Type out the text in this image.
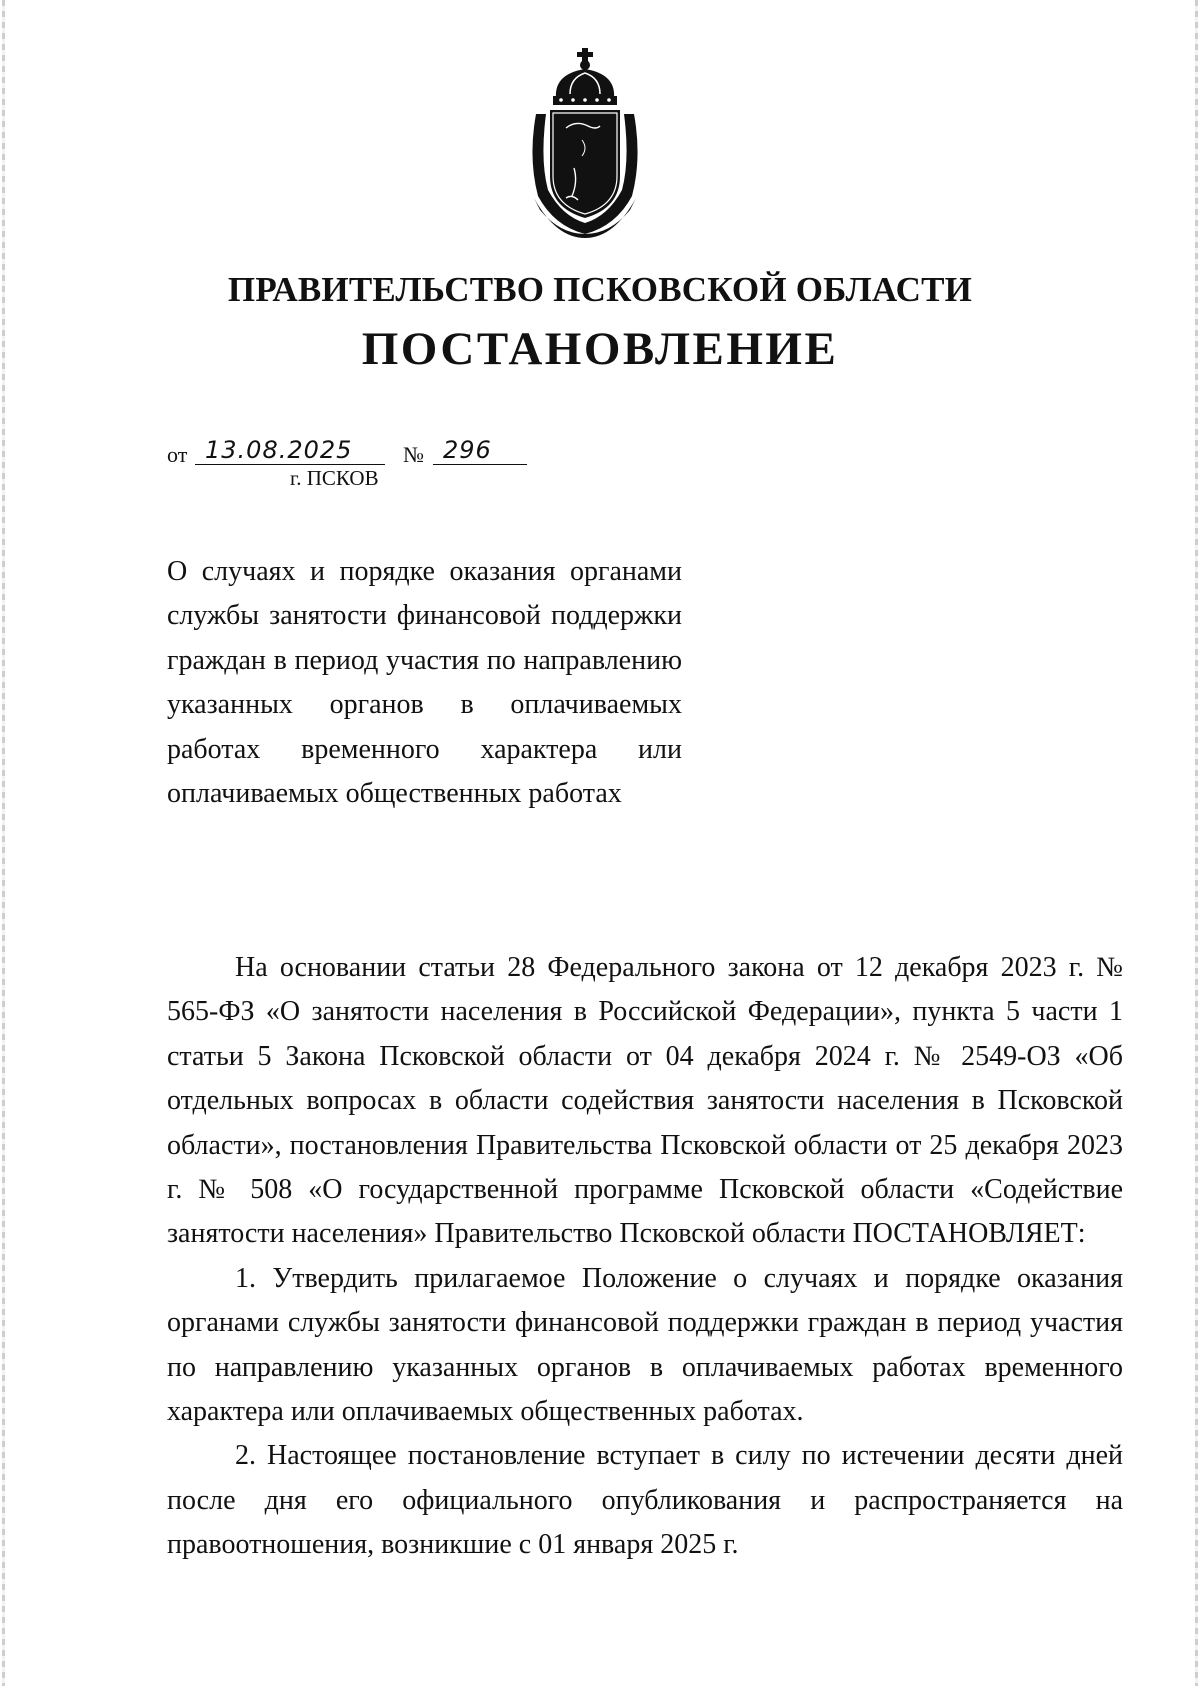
ПРАВИТЕЛЬСТВО ПСКОВСКОЙ ОБЛАСТИ
ПОСТАНОВЛЕНИЕ
от 13.08.2025	№ 296
г. ПСКОВ
О случаях и порядке оказания органами службы занятости финансовой поддержки граждан в период участия по направлению указанных органов в оплачиваемых работах временного характера или оплачиваемых общественных работах

На основании статьи 28 Федерального закона от 12 декабря 2023 г. № 565-ФЗ «О занятости населения в Российской Федерации», пункта 5 части 1 статьи 5 Закона Псковской области от 04 декабря 2024 г. № 2549-ОЗ «Об отдельных вопросах в области содействия занятости населения в Псковской области», постановления Правительства Псковской области от 25 декабря 2023 г. № 508 «О государственной программе Псковской области «Содействие занятости населения» Правительство Псковской области ПОСТАНОВЛЯЕТ:

1. Утвердить прилагаемое Положение о случаях и порядке оказания органами службы занятости финансовой поддержки граждан в период участия по направлению указанных органов в оплачиваемых работах временного характера или оплачиваемых общественных работах.

2. Настоящее постановление вступает в силу по истечении десяти дней после дня его официального опубликования и распространяется на правоотношения, возникшие с 01 января 2025 г.
